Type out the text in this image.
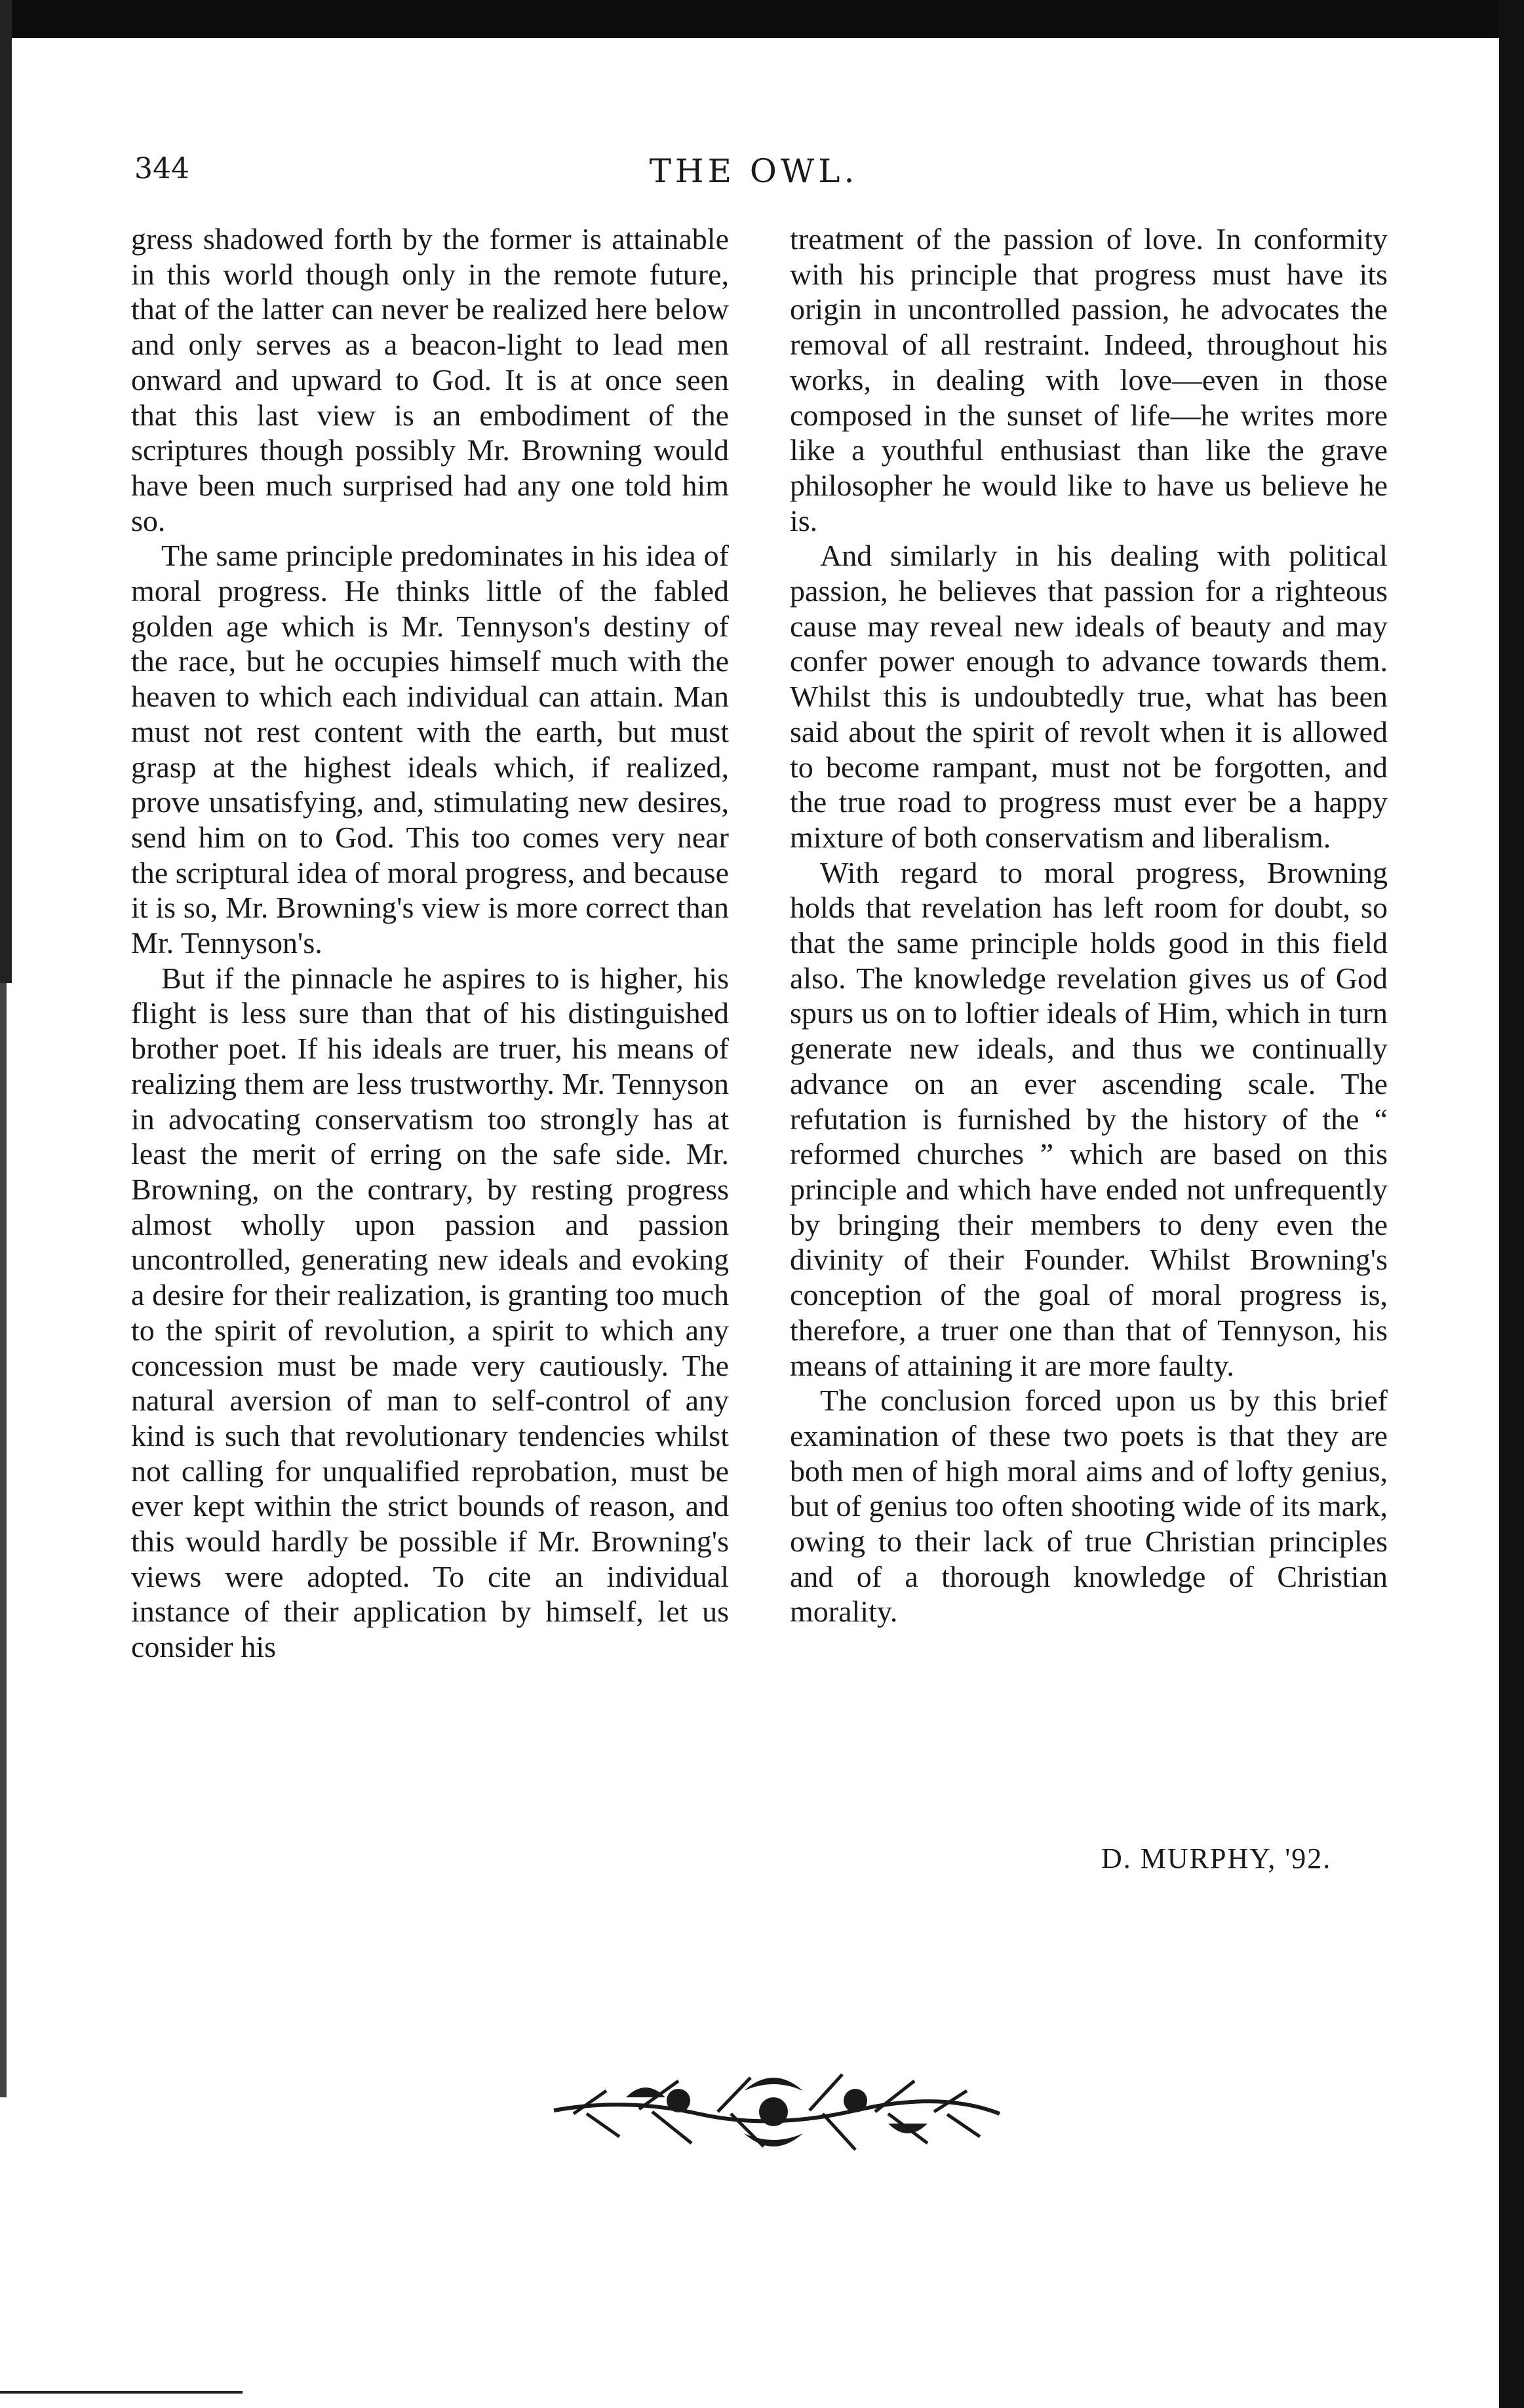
344	THE OWL.

gress shadowed forth by the former is attainable in this world though only in the remote future, that of the latter can never be realized here below and only serves as a beacon-light to lead men onward and upward to God. It is at once seen that this last view is an embodiment of the scriptures though possibly Mr. Browning would have been much surprised had any one told him so.

The same principle predominates in his idea of moral progress. He thinks little of the fabled golden age which is Mr. Tennyson's destiny of the race, but he occupies himself much with the heaven to which each individual can attain. Man must not rest content with the earth, but must grasp at the highest ideals which, if realized, prove unsatisfying, and, stimulating new desires, send him on to God. This too comes very near the scriptural idea of moral progress, and because it is so, Mr. Browning's view is more correct than Mr. Tennyson's.

But if the pinnacle he aspires to is higher, his flight is less sure than that of his distinguished brother poet. If his ideals are truer, his means of realizing them are less trustworthy. Mr. Tennyson in advocating conservatism too strongly has at least the merit of erring on the safe side. Mr. Browning, on the contrary, by resting progress almost wholly upon passion and passion uncontrolled, generating new ideals and evoking a desire for their realization, is granting too much to the spirit of revolution, a spirit to which any concession must be made very cautiously. The natural aversion of man to self-control of any kind is such that revolutionary tendencies whilst not calling for unqualified reprobation, must be ever kept within the strict bounds of reason, and this would hardly be possible if Mr. Browning's views were adopted. To cite an individual instance of their application by himself, let us consider his

treatment of the passion of love. In conformity with his principle that progress must have its origin in uncontrolled passion, he advocates the removal of all restraint. Indeed, throughout his works, in dealing with love—even in those composed in the sunset of life—he writes more like a youthful enthusiast than like the grave philosopher he would like to have us believe he is.

And similarly in his dealing with political passion, he believes that passion for a righteous cause may reveal new ideals of beauty and may confer power enough to advance towards them. Whilst this is undoubtedly true, what has been said about the spirit of revolt when it is allowed to become rampant, must not be forgotten, and the true road to progress must ever be a happy mixture of both conservatism and liberalism.

With regard to moral progress, Browning holds that revelation has left room for doubt, so that the same principle holds good in this field also. The knowledge revelation gives us of God spurs us on to loftier ideals of Him, which in turn generate new ideals, and thus we continually advance on an ever ascending scale. The refutation is furnished by the history of the “ reformed churches ” which are based on this principle and which have ended not unfrequently by bringing their members to deny even the divinity of their Founder. Whilst Browning's conception of the goal of moral progress is, therefore, a truer one than that of Tennyson, his means of attaining it are more faulty.

The conclusion forced upon us by this brief examination of these two poets is that they are both men of high moral aims and of lofty genius, but of genius too often shooting wide of its mark, owing to their lack of true Christian principles and of a thorough knowledge of Christian morality.

D. MURPHY, '92.
